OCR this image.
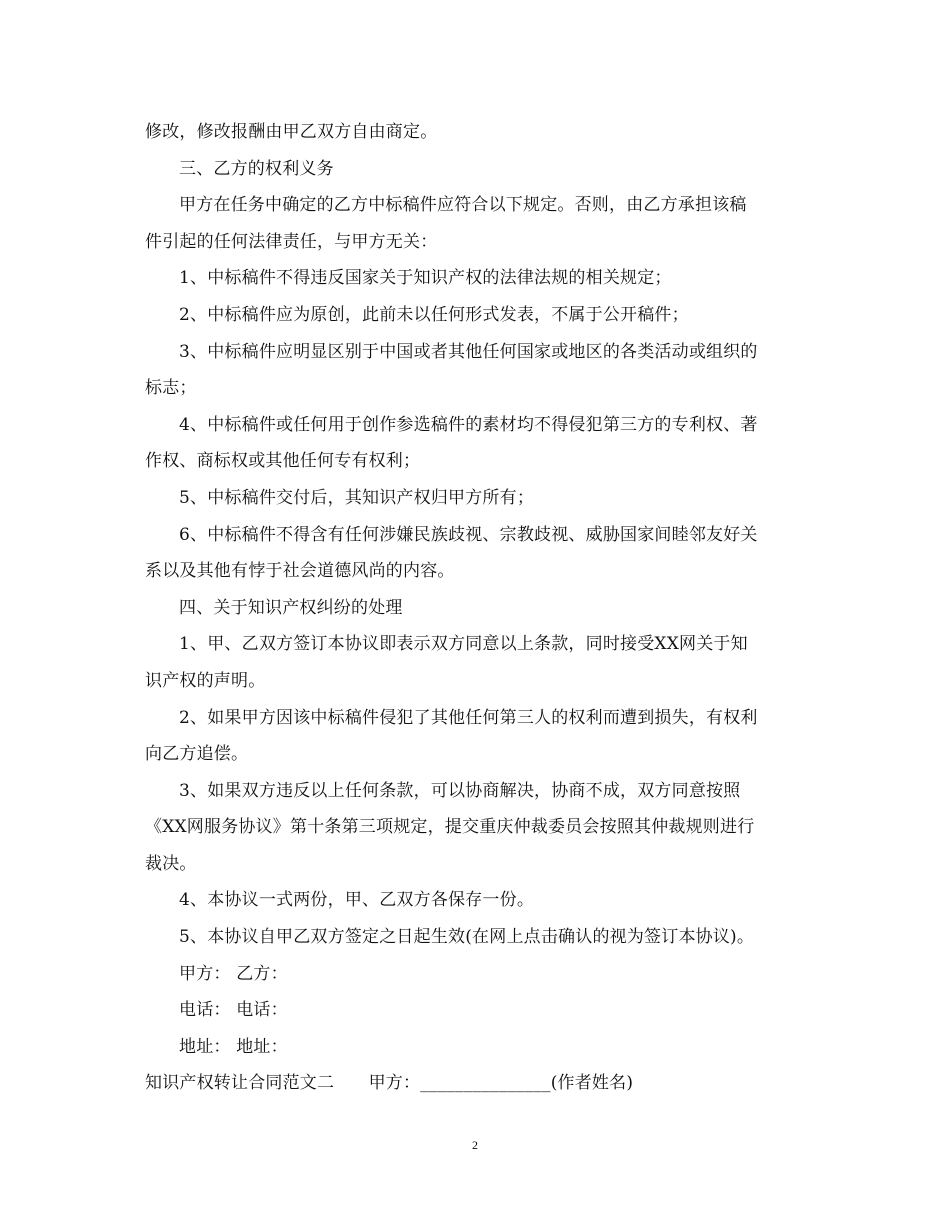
修改，修改报酬由甲乙双方自由商定。
三、乙方的权利义务
甲方在任务中确定的乙方中标稿件应符合以下规定。否则，由乙方承担该稿
件引起的任何法律责任，与甲方无关：
1、中标稿件不得违反国家关于知识产权的法律法规的相关规定；
2、中标稿件应为原创，此前未以任何形式发表，不属于公开稿件；
3、中标稿件应明显区别于中国或者其他任何国家或地区的各类活动或组织的
标志；
4、中标稿件或任何用于创作参选稿件的素材均不得侵犯第三方的专利权、著
作权、商标权或其他任何专有权利；
5、中标稿件交付后，其知识产权归甲方所有；
6、中标稿件不得含有任何涉嫌民族歧视、宗教歧视、威胁国家间睦邻友好关
系以及其他有悖于社会道德风尚的内容。
四、关于知识产权纠纷的处理
1、甲、乙双方签订本协议即表示双方同意以上条款，同时接受XX网关于知
识产权的声明。
2、如果甲方因该中标稿件侵犯了其他任何第三人的权利而遭到损失，有权利
向乙方追偿。
3、如果双方违反以上任何条款，可以协商解决，协商不成，双方同意按照
《XX网服务协议》第十条第三项规定，提交重庆仲裁委员会按照其仲裁规则进行
裁决。
4、本协议一式两份，甲、乙双方各保存一份。
5、本协议自甲乙双方签定之日起生效(在网上点击确认的视为签订本协议)。
甲方： 乙方：
电话： 电话：
地址： 地址：
知识产权转让合同范文二　　甲方：_______________(作者姓名)
2
